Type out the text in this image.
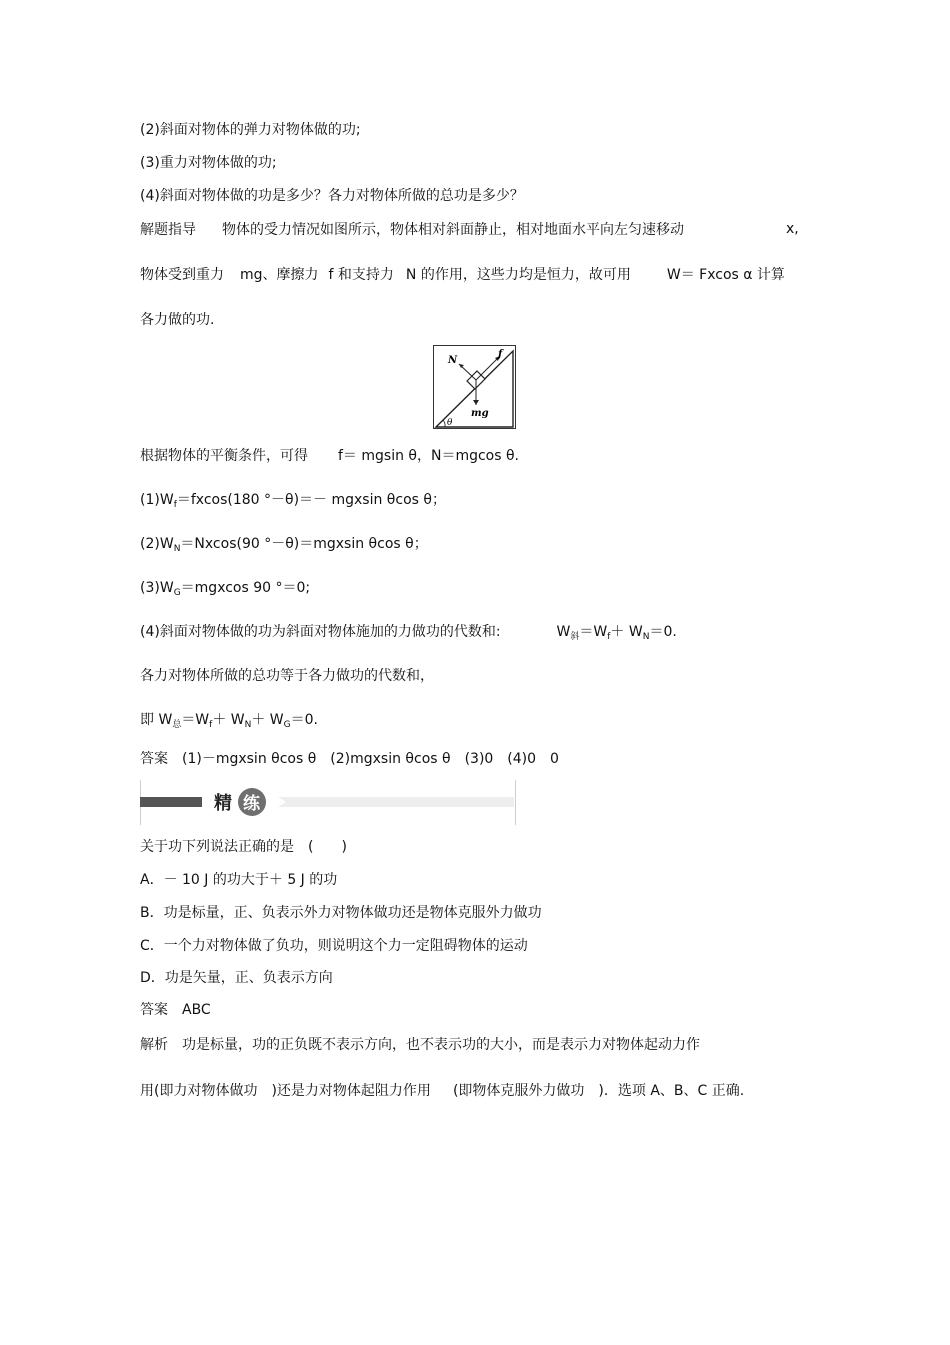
(2)斜面对物体的弹力对物体做的功;
(3)重力对物体做的功;
(4)斜面对物体做的功是多少？各力对物体所做的总功是多少？
解题指导 物体的受力情况如图所示，物体相对斜面静止，相对地面水平向左匀速移动	x,
物体受到重力 mg、摩擦力 f 和支持力 N 的作用，这些力均是恒力，故可用	W＝ Fxcos α 计算
各力做的功.
N
f
mg
θ
根据物体的平衡条件，可得 f＝ mgsin θ，N＝mgcos θ.
$(1)W_f=fxcos(180$ °－θ)＝－ mgxsin θcos θ；
$(2)W_N=Nxcos(90$ °－θ)＝mgxsin θcos θ；
$(3)W_G=mgxcos$ 90 °＝0;
(4)斜面对物体做的功为斜面对物体施加的力做功的代数和:	$W_斜=W_f+ W_N=0$.
各力对物体所做的总功等于各力做功的代数和，
即 $W_总=W_f+ W_N+ W_G=0$.
答案　(1)－mgxsin θcos θ　(2)mgxsin θcos θ　(3)0　(4)0　0
精 练
关于功下列说法正确的是　(　　)
A．－ 10 J 的功大于＋ 5 J 的功
B．功是标量，正、负表示外力对物体做功还是物体克服外力做功
C．一个力对物体做了负功，则说明这个力一定阻碍物体的运动
D．功是矢量，正、负表示方向
答案　ABC
解析　功是标量，功的正负既不表示方向，也不表示功的大小，而是表示力对物体起动力作
用(即力对物体做功 )还是力对物体起阻力作用 (即物体克服外力做功 )．选项 A、B、C 正确.
